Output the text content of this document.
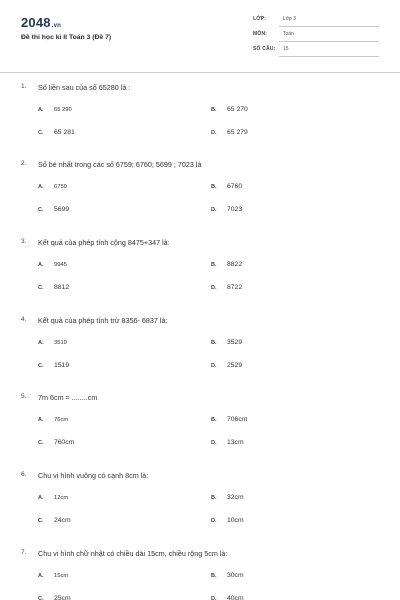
2048.vn
Đề thi học kì II Toán 3 (Đề 7)
LỚP:	Lớp 3
MÔN:	Toán
SỐ CÂU: 15
1. Số liền sau của số 65280 là :
A. 65 290	B. 65 270
C. 65 281	D. 65 279
2. Số bé nhất trong các số 6759; 6760; 5699 ; 7023 là
A. 6759	B. 6760
C. 5699	D. 7023
3. Kết quả của phép tính cộng 8475+347 là:
A. 9945	B. 8822
C. 8812	D. 8722
4. Kết quả của phép tính trừ 8356- 6837 là:
A. 3519	B. 3529
C. 1519	D. 2529
5. 7m 6cm = ........cm
A. 76cm	B. 706cm
C. 760cm	D. 13cm
6. Chu vi hình vuông có cạnh 8cm là:
A. 12cm	B. 32cm
C. 24cm	D. 10cm
7. Chu vi hình chữ nhật có chiều dài 15cm, chiều rộng 5cm là:
A. 15cm	B. 30cm
C. 25cm	D. 40cm
